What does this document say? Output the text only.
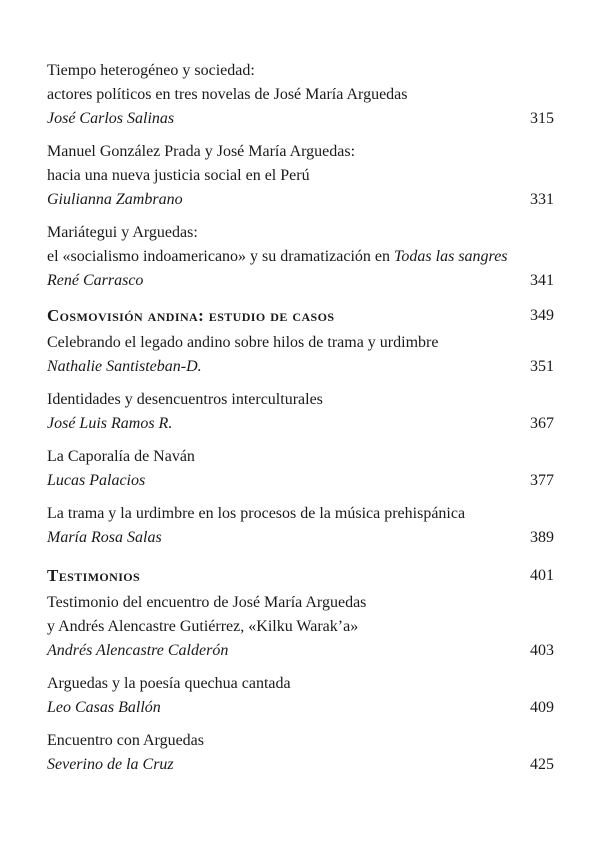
Tiempo heterogéneo y sociedad:
actores políticos en tres novelas de José María Arguedas
José Carlos Salinas	315
Manuel González Prada y José María Arguedas:
hacia una nueva justicia social en el Perú
Giulianna Zambrano	331
Mariátegui y Arguedas:
el «socialismo indoamericano» y su dramatización en Todas las sangres
René Carrasco	341
Cosmovisión andina: estudio de casos	349
Celebrando el legado andino sobre hilos de trama y urdimbre
Nathalie Santisteban-D.	351
Identidades y desencuentros interculturales
José Luis Ramos R.	367
La Caporalía de Naván
Lucas Palacios	377
La trama y la urdimbre en los procesos de la música prehispánica
María Rosa Salas	389
Testimonios	401
Testimonio del encuentro de José María Arguedas
y Andrés Alencastre Gutiérrez, «Kilku Warak’a»
Andrés Alencastre Calderón	403
Arguedas y la poesía quechua cantada
Leo Casas Ballón	409
Encuentro con Arguedas
Severino de la Cruz	425
